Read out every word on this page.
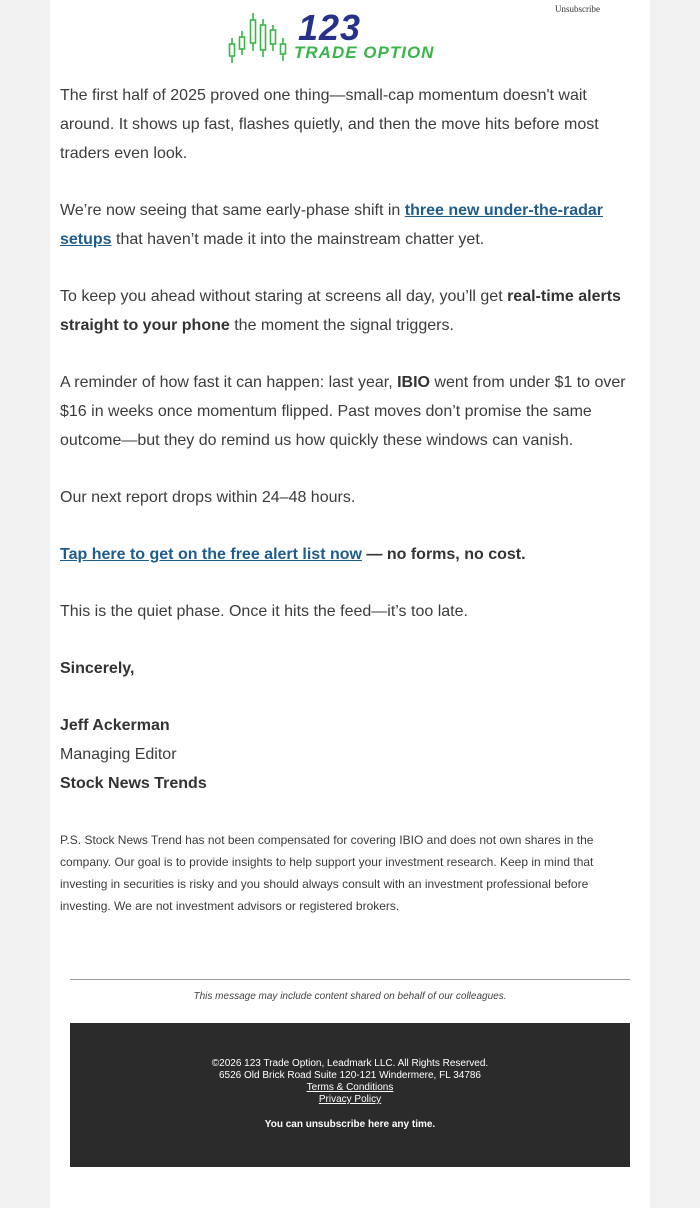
Unsubscribe
123
TRADE OPTION

The first half of 2025 proved one thing—small-cap momentum doesn't wait around. It shows up fast, flashes quietly, and then the move hits before most traders even look.

We’re now seeing that same early-phase shift in three new under-the-radar setups that haven’t made it into the mainstream chatter yet.

To keep you ahead without staring at screens all day, you’ll get real-time alerts straight to your phone the moment the signal triggers.

A reminder of how fast it can happen: last year, IBIO went from under $1 to over $16 in weeks once momentum flipped. Past moves don’t promise the same outcome—but they do remind us how quickly these windows can vanish.

Our next report drops within 24–48 hours.

Tap here to get on the free alert list now — no forms, no cost.

This is the quiet phase. Once it hits the feed—it’s too late.

Sincerely,

Jeff Ackerman

Managing Editor

Stock News Trends

P.S. Stock News Trend has not been compensated for covering IBIO and does not own shares in the company. Our goal is to provide insights to help support your investment research. Keep in mind that investing in securities is risky and you should always consult with an investment professional before investing. We are not investment advisors or registered brokers.
This message may include content shared on behalf of our colleagues.
©2026 123 Trade Option, Leadmark LLC. All Rights Reserved.
6526 Old Brick Road Suite 120-121 Windermere, FL 34786
Terms & Conditions
Privacy Policy
You can unsubscribe here any time.
